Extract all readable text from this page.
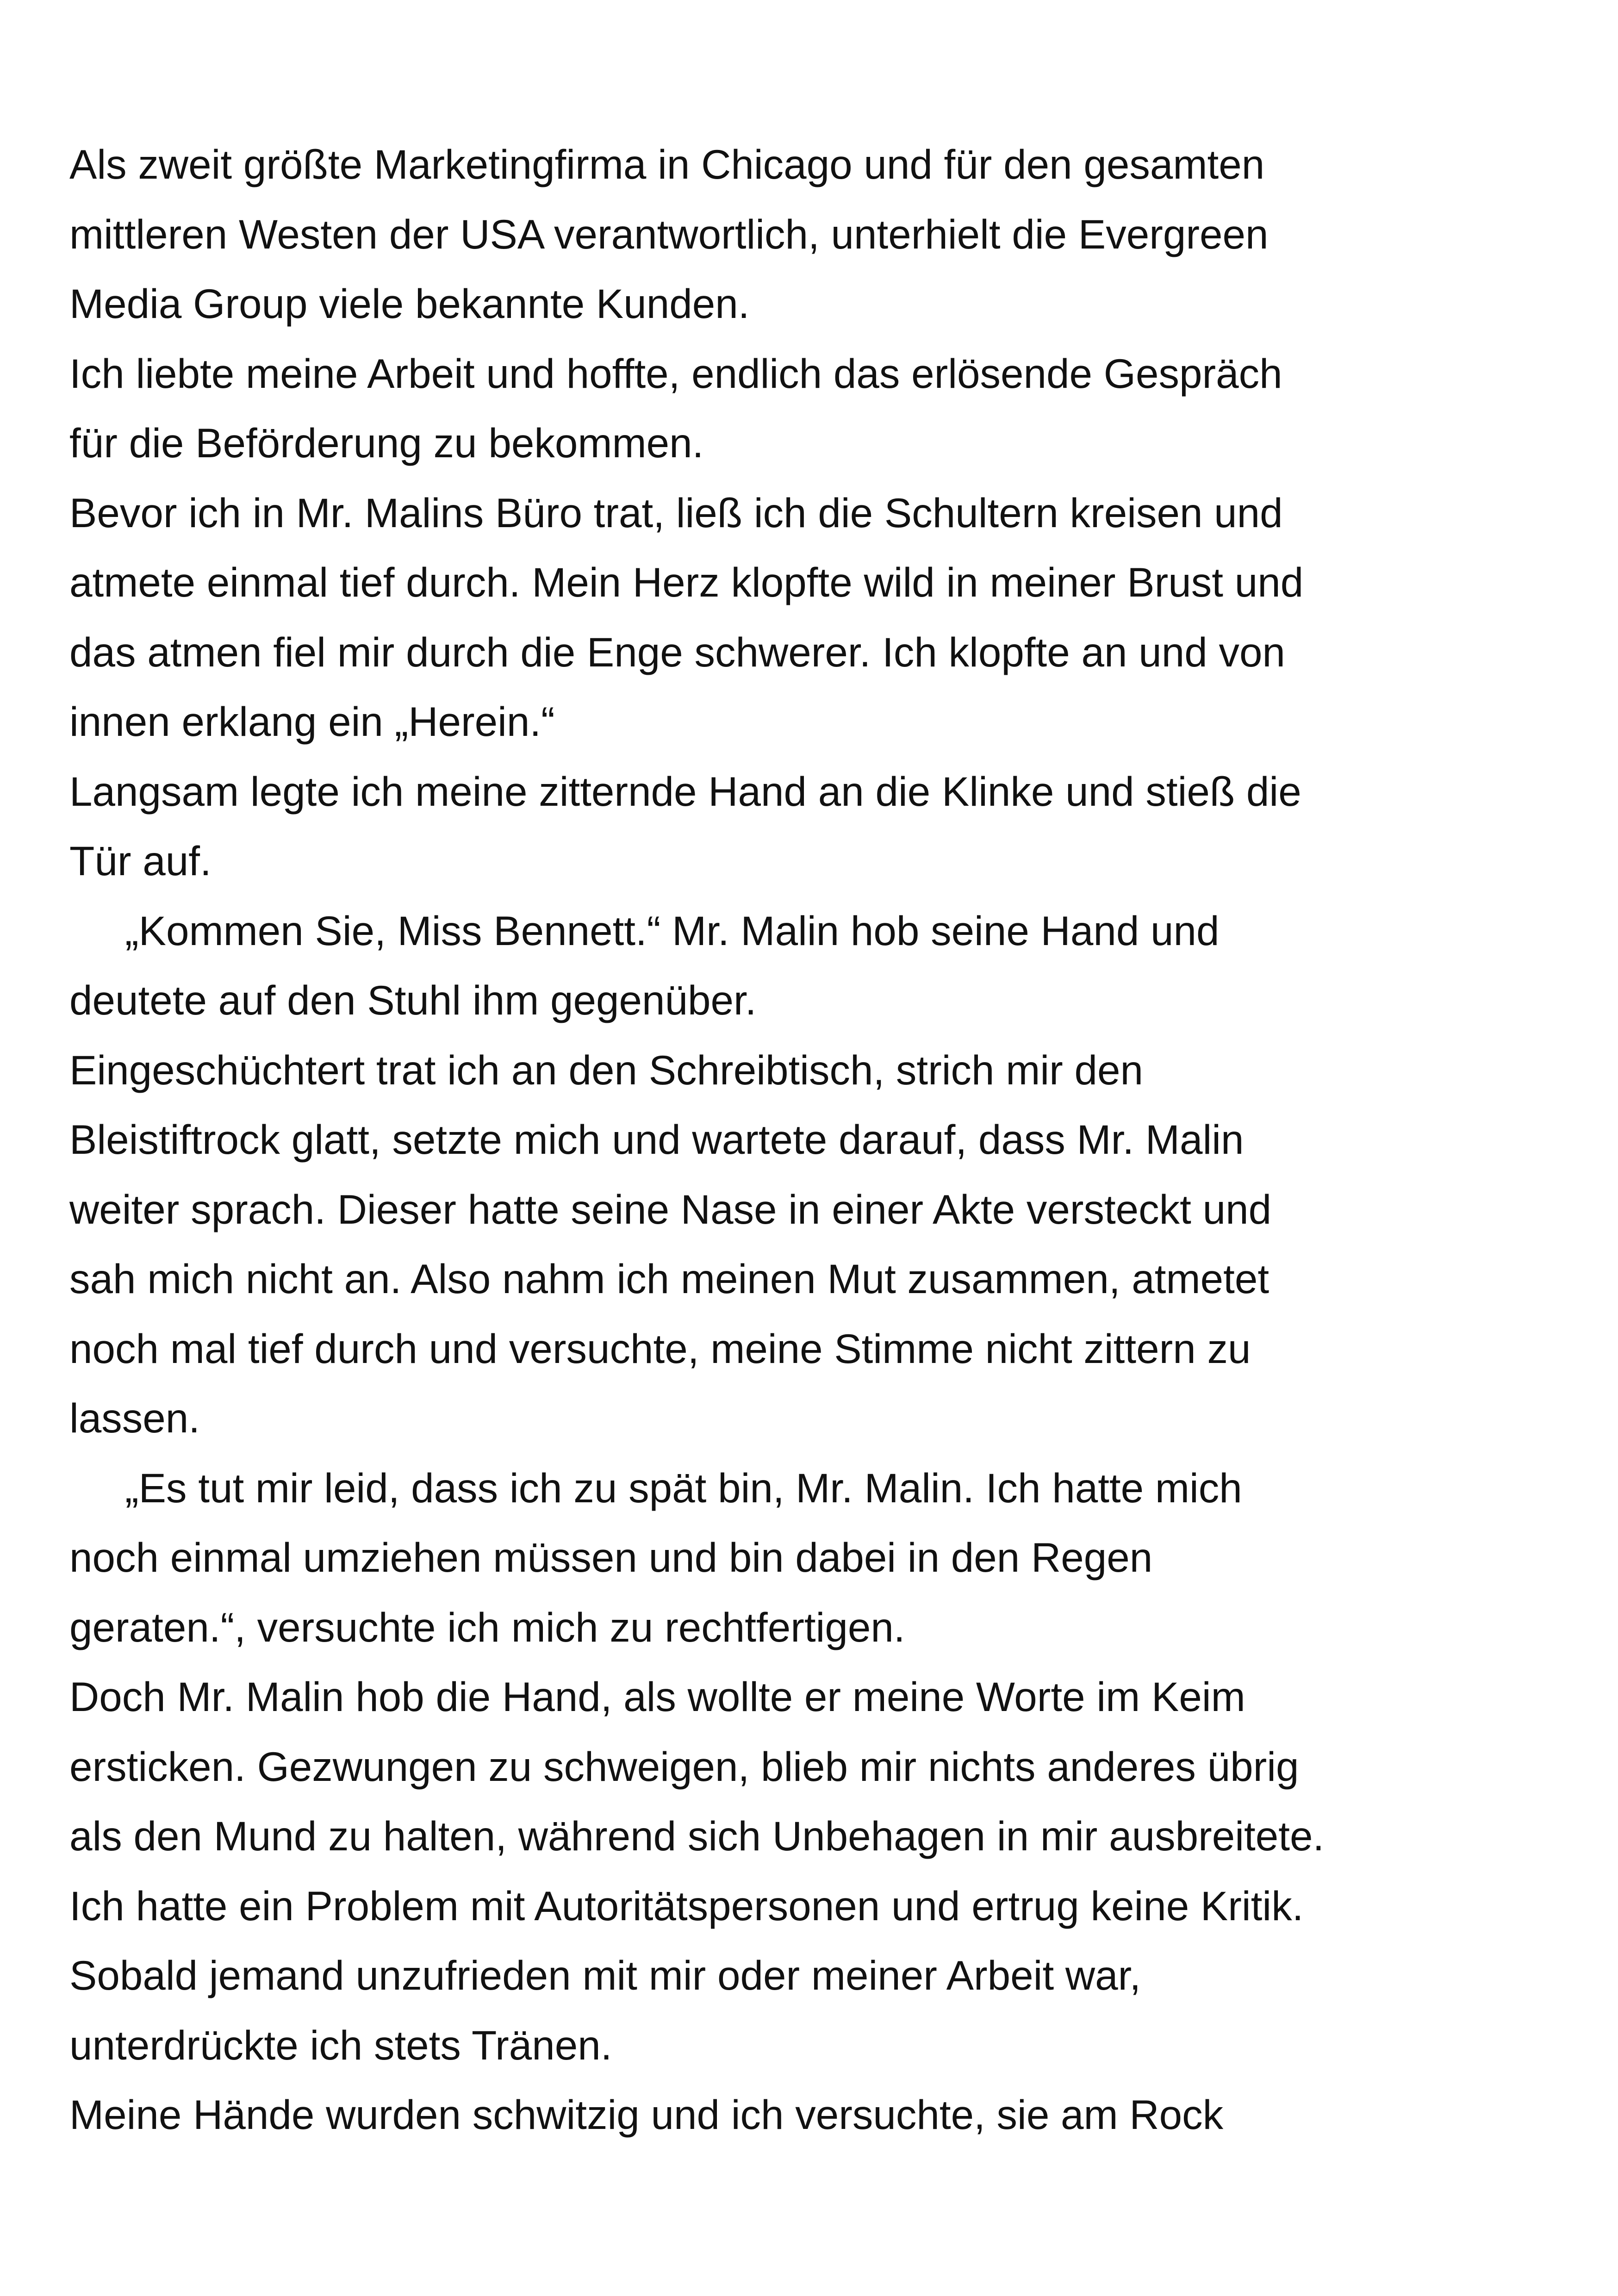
Als zweit größte Marketingfirma in Chicago und für den gesamten

mittleren Westen der USA verantwortlich, unterhielt die Evergreen

Media Group viele bekannte Kunden.

Ich liebte meine Arbeit und hoffte, endlich das erlösende Gespräch

für die Beförderung zu bekommen.

Bevor ich in Mr. Malins Büro trat, ließ ich die Schultern kreisen und

atmete einmal tief durch. Mein Herz klopfte wild in meiner Brust und

das atmen fiel mir durch die Enge schwerer. Ich klopfte an und von

innen erklang ein „Herein.“

Langsam legte ich meine zitternde Hand an die Klinke und stieß die

Tür auf.

„Kommen Sie, Miss Bennett.“ Mr. Malin hob seine Hand und

deutete auf den Stuhl ihm gegenüber.

Eingeschüchtert trat ich an den Schreibtisch, strich mir den

Bleistiftrock glatt, setzte mich und wartete darauf, dass Mr. Malin

weiter sprach. Dieser hatte seine Nase in einer Akte versteckt und

sah mich nicht an. Also nahm ich meinen Mut zusammen, atmetet

noch mal tief durch und versuchte, meine Stimme nicht zittern zu

lassen.

„Es tut mir leid, dass ich zu spät bin, Mr. Malin. Ich hatte mich

noch einmal umziehen müssen und bin dabei in den Regen

geraten.“, versuchte ich mich zu rechtfertigen.

Doch Mr. Malin hob die Hand, als wollte er meine Worte im Keim

ersticken. Gezwungen zu schweigen, blieb mir nichts anderes übrig

als den Mund zu halten, während sich Unbehagen in mir ausbreitete.

Ich hatte ein Problem mit Autoritätspersonen und ertrug keine Kritik.

Sobald jemand unzufrieden mit mir oder meiner Arbeit war,

unterdrückte ich stets Tränen.

Meine Hände wurden schwitzig und ich versuchte, sie am Rock
